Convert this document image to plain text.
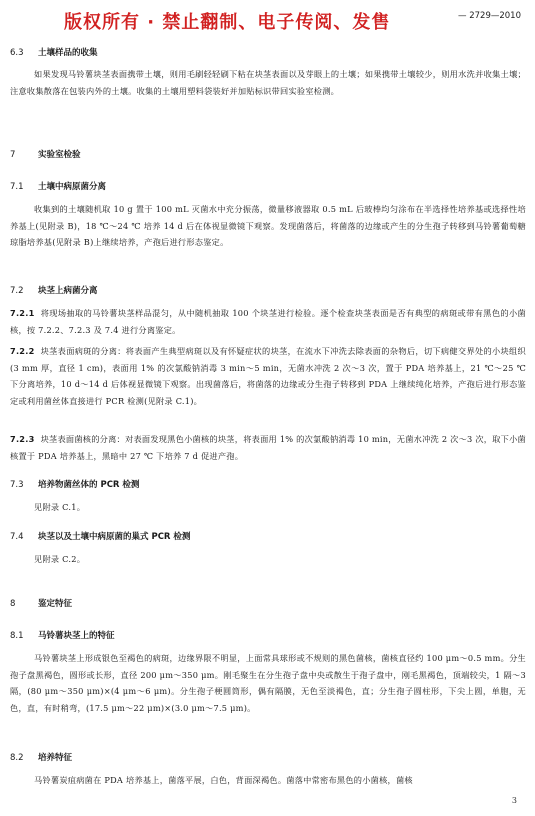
版权所有 · 禁止翻制、电子传阅、发售	— 2729—2010
6.3 土壤样品的收集
如果发现马铃薯块茎表面携带土壤，则用毛刷轻轻刷下粘在块茎表面以及芽眼上的土壤；如果携带土壤较少，则用水洗并收集土壤；注意收集散落在包装内外的土壤。收集的土壤用塑料袋装好并加贴标识带回实验室检测。
7	实验室检验
7.1 土壤中病原菌分离
收集到的土壤随机取 10 g 置于 100 mL 灭菌水中充分振荡，微量移液器取 0.5 mL 后玻棒均匀涂布在半选择性培养基或选择性培养基上(见附录 B)，18 ℃～24 ℃ 培养 14 d 后在体视显微镜下观察。发现菌落后，将菌落的边缘或产生的分生孢子转移到马铃薯葡萄糖琼脂培养基(见附录 B)上继续培养，产孢后进行形态鉴定。
7.2 块茎上病菌分离
7.2.1 将现场抽取的马铃薯块茎样品混匀，从中随机抽取 100 个块茎进行检验。逐个检查块茎表面是否有典型的病斑或带有黑色的小菌核，按 7.2.2、7.2.3 及 7.4 进行分离鉴定。
7.2.2 块茎表面病斑的分离：将表面产生典型病斑以及有怀疑症状的块茎，在流水下冲洗去除表面的杂物后，切下病健交界处的小块组织(3 mm 厚，直径 1 cm)，表面用 1% 的次氯酸钠消毒 3 min～5 min，无菌水冲洗 2 次～3 次，置于 PDA 培养基上，21 ℃～25 ℃ 下分离培养，10 d～14 d 后体视显微镜下观察。出现菌落后，将菌落的边缘或分生孢子转移到 PDA 上继续纯化培养，产孢后进行形态鉴定或利用菌丝体直接进行 PCR 检测(见附录 C.1)。
7.2.3 块茎表面菌核的分离：对表面发现黑色小菌核的块茎，将表面用 1% 的次氯酸钠消毒 10 min，无菌水冲洗 2 次～3 次，取下小菌核置于 PDA 培养基上，黑暗中 27 ℃ 下培养 7 d 促进产孢。
7.3 培养物菌丝体的 PCR 检测
见附录 C.1。
7.4 块茎以及土壤中病原菌的巢式 PCR 检测
见附录 C.2。
8	鉴定特征
8.1 马铃薯块茎上的特征
马铃薯块茎上形成银色至褐色的病斑，边缘界限不明显，上面常具球形或不规则的黑色菌核，菌核直径约 100 μm～0.5 mm。分生孢子盘黑褐色，圆形或长形，直径 200 μm～350 μm。刚毛聚生在分生孢子盘中央或散生于孢子盘中，刚毛黑褐色，顶端较尖，1 隔～3 隔，(80 μm～350 μm)×(4 μm～6 μm)。分生孢子梗圆筒形，偶有隔膜，无色至淡褐色，直；分生孢子圆柱形，下尖上圆，单胞，无色，直，有时稍弯，(17.5 μm～22 μm)×(3.0 μm～7.5 μm)。
8.2 培养特征
马铃薯炭疽病菌在 PDA 培养基上，菌落平展，白色，背面深褐色。菌落中常密布黑色的小菌核，菌核
3
